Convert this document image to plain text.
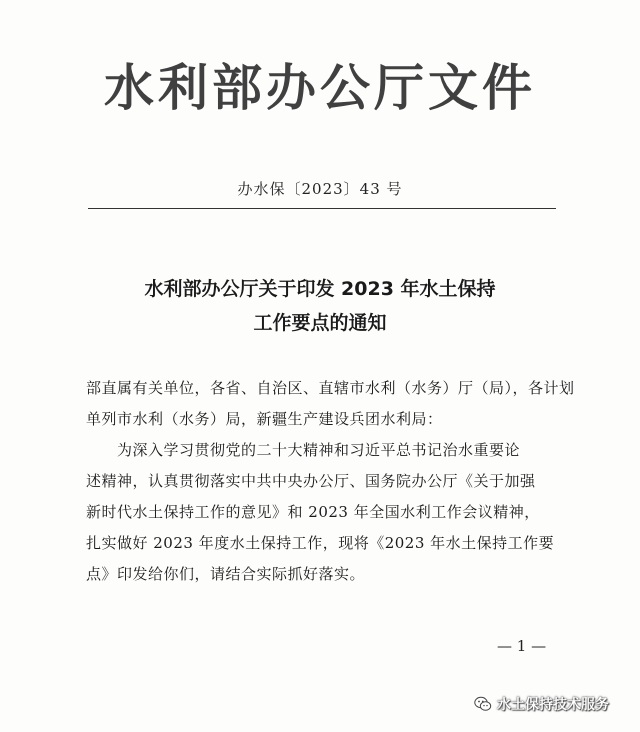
水利部办公厅文件
办水保〔2023〕43 号
水利部办公厅关于印发 2023 年水土保持
工作要点的通知
部直属有关单位，各省、自治区、直辖市水利（水务）厅（局），各计划
单列市水利（水务）局，新疆生产建设兵团水利局：
为深入学习贯彻党的二十大精神和习近平总书记治水重要论
述精神，认真贯彻落实中共中央办公厅、国务院办公厅《关于加强
新时代水土保持工作的意见》和 2023 年全国水利工作会议精神，
扎实做好 2023 年度水土保持工作，现将《2023 年水土保持工作要
点》印发给你们，请结合实际抓好落实。
— 1 —
水土保持技术服务
